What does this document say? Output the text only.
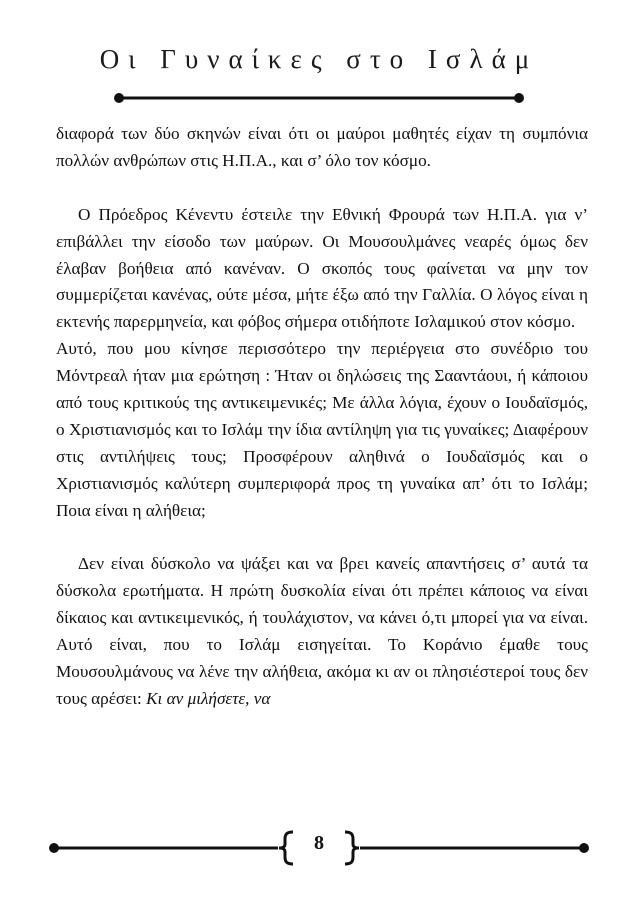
Οι Γυναίκες στο Ισλάμ

διαφορά των δύο σκηνών είναι ότι οι μαύροι μαθητές είχαν τη συμπόνια πολλών ανθρώπων στις Η.Π.Α., και σ’ όλο τον κόσμο.

Ο Πρόεδρος Κένεντυ έστειλε την Εθνική Φρουρά των Η.Π.Α. για ν’ επιβάλλει την είσοδο των μαύρων. Οι Μουσουλμάνες νεαρές όμως δεν έλαβαν βοήθεια από κανέναν. Ο σκοπός τους φαίνεται να μην τον συμμερίζεται κανένας, ούτε μέσα, μήτε έξω από την Γαλλία. Ο λόγος είναι η εκτενής παρερμηνεία, και φόβος σήμερα οτιδήποτε Ισλαμικού στον κόσμο.

Αυτό, που μου κίνησε περισσότερο την περιέργεια στο συνέδριο του Μόντρεαλ ήταν μια ερώτηση : Ήταν οι δηλώσεις της Σααντάουι, ή κάποιου από τους κριτικούς της αντικειμενικές; Με άλλα λόγια, έχουν ο Ιουδαϊσμός, ο Χριστιανισμός και το Ισλάμ την ίδια αντίληψη για τις γυναίκες; Διαφέρουν στις αντιλήψεις τους; Προσφέρουν αληθινά ο Ιουδαϊσμός και ο Χριστιανισμός καλύτερη συμπεριφορά προς τη γυναίκα απ’ ότι το Ισλάμ; Ποια είναι η αλήθεια;

Δεν είναι δύσκολο να ψάξει και να βρει κανείς απαντήσεις σ’ αυτά τα δύσκολα ερωτήματα. Η πρώτη δυσκολία είναι ότι πρέπει κάποιος να είναι δίκαιος και αντικειμενικός, ή τουλάχιστον, να κάνει ό,τι μπορεί για να είναι. Αυτό είναι, που το Ισλάμ εισηγείται. Το Κοράνιο έμαθε τους Μουσουλμάνους να λένε την αλήθεια, ακόμα κι αν οι πλησιέστεροί τους δεν τους αρέσει: Κι αν μιλήσετε, να

8
